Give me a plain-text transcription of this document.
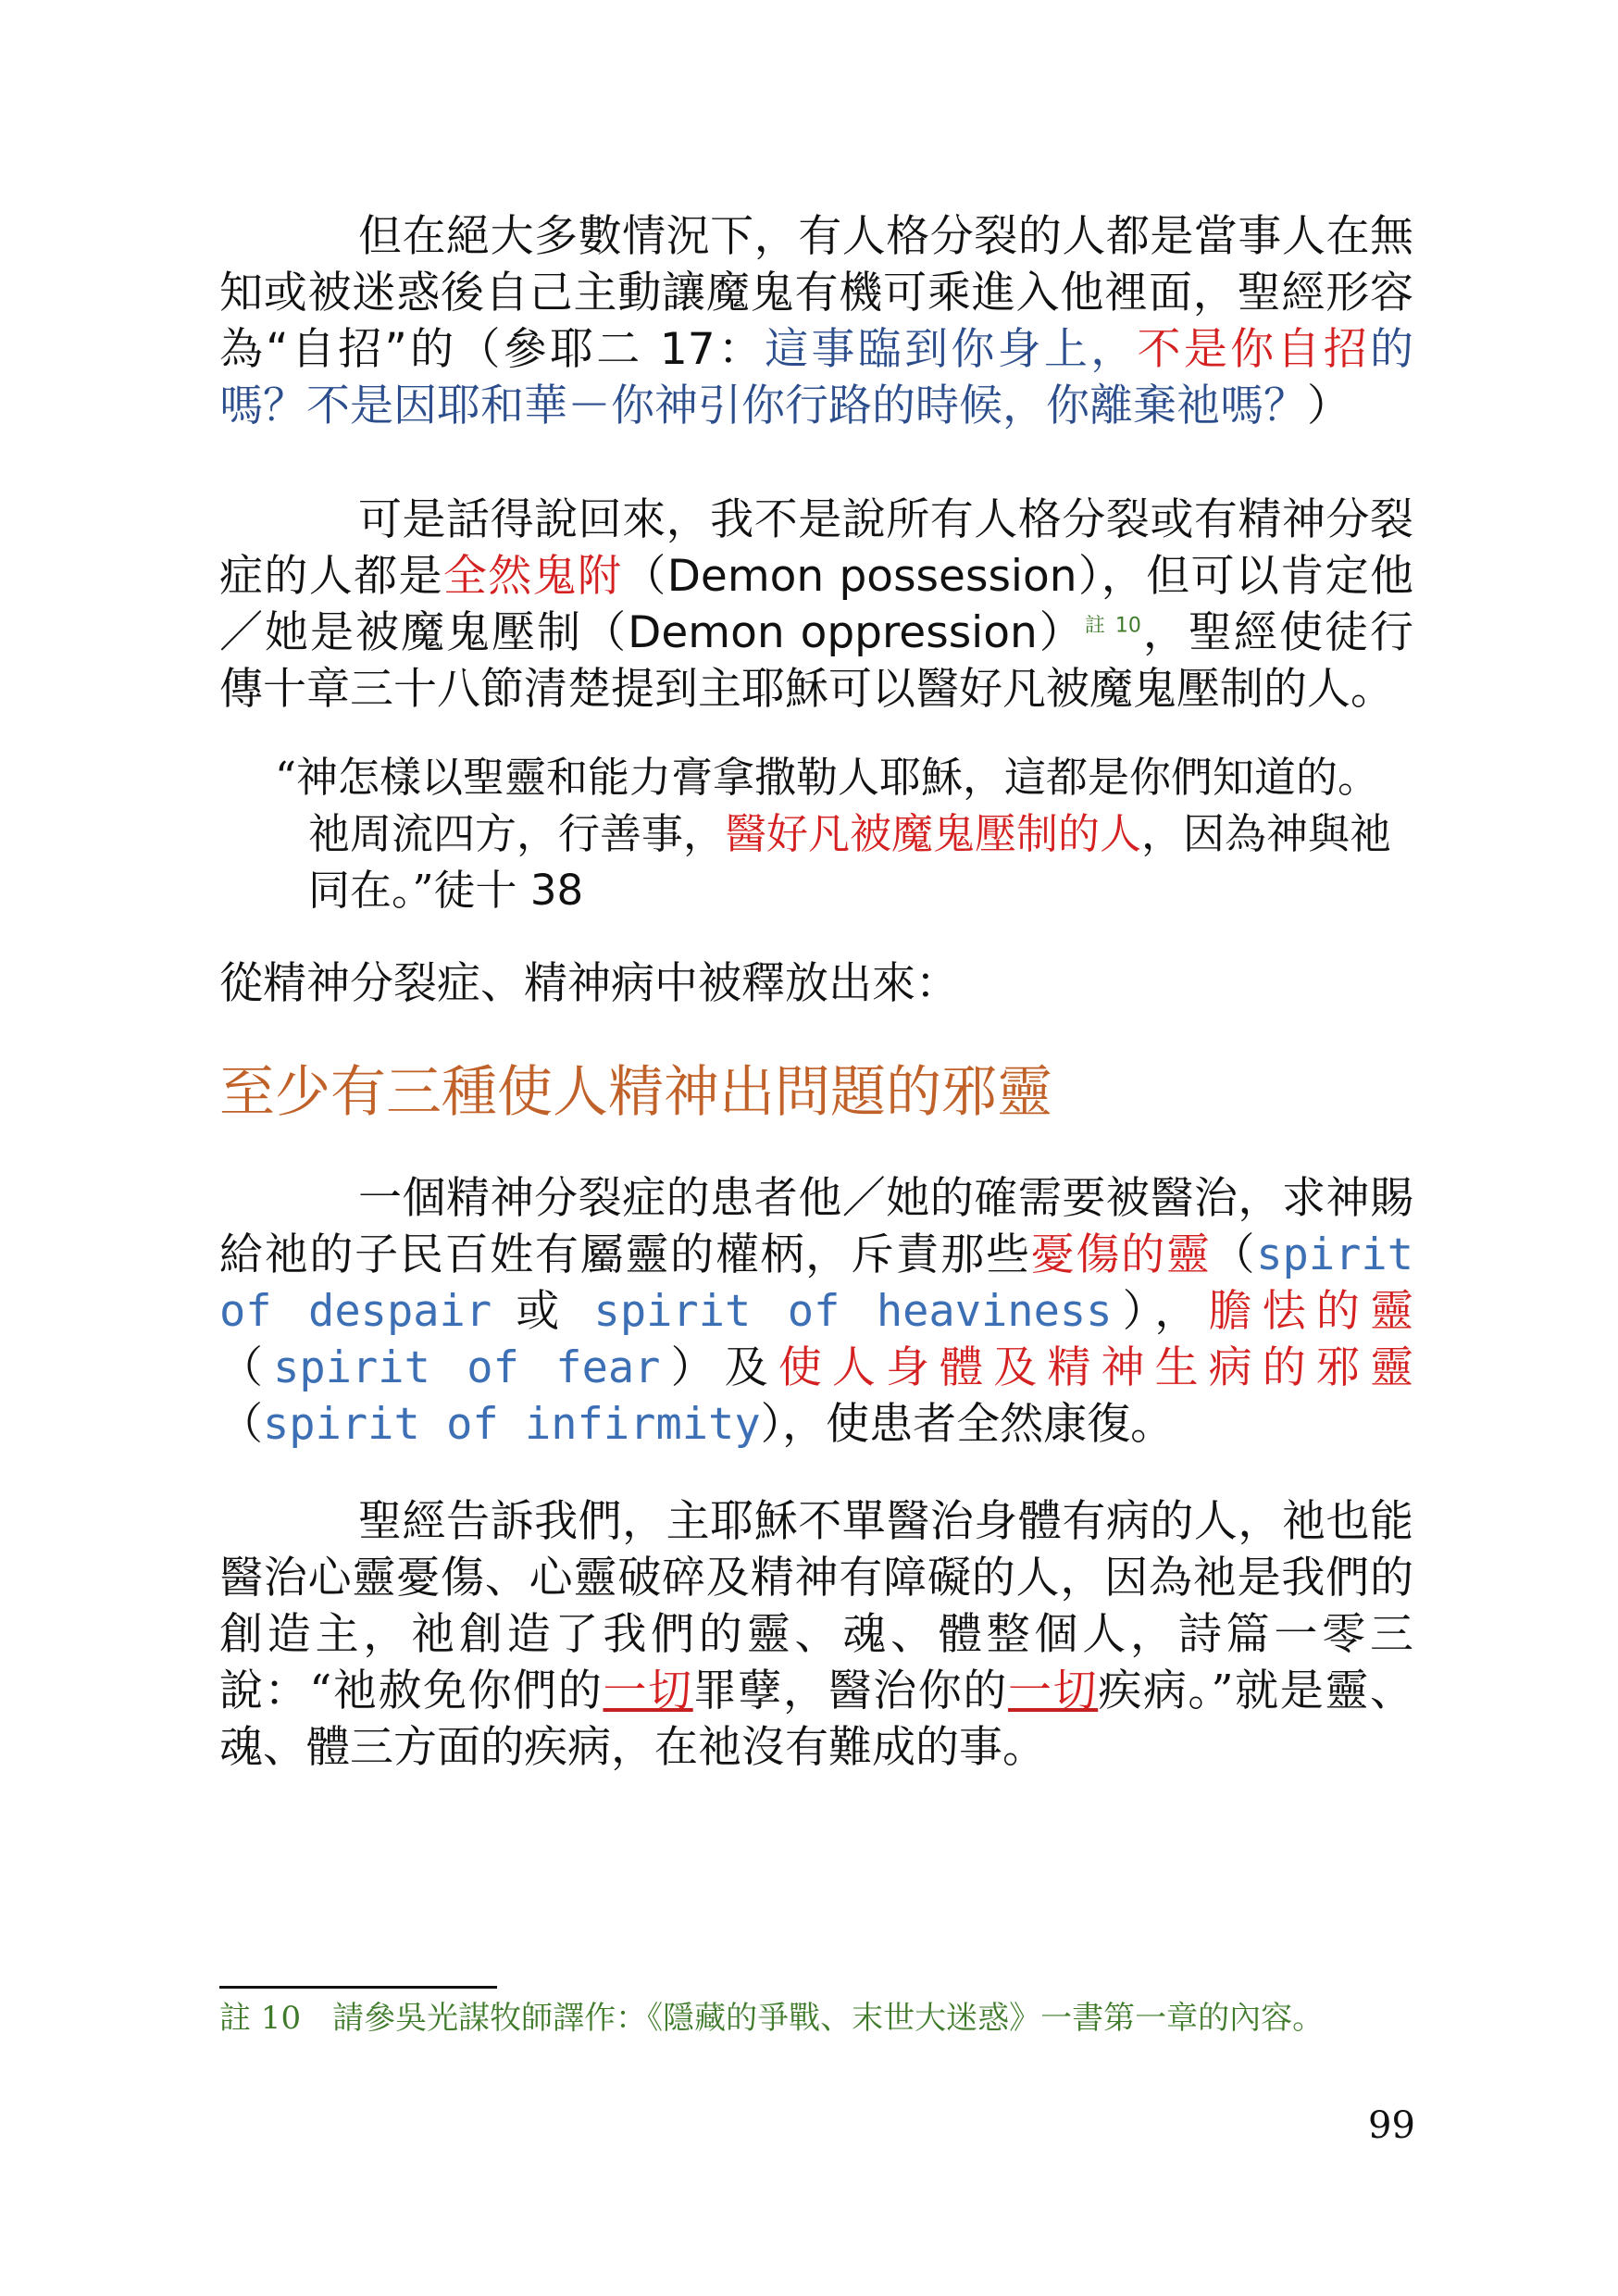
但在絕大多數情況下，有人格分裂的人都是當事人在無知或被迷惑後自己主動讓魔鬼有機可乘進入他裡面，聖經形容為“自招”的（參耶二 17：這事臨到你身上，不是你自招的嗎？不是因耶和華－你神引你行路的時候，你離棄祂嗎？）

可是話得說回來，我不是說所有人格分裂或有精神分裂症的人都是全然鬼附（Demon possession），但可以肯定他／她是被魔鬼壓制（Demon oppression）$^{註 10}$，聖經使徒行傳十章三十八節清楚提到主耶穌可以醫好凡被魔鬼壓制的人。

“神怎樣以聖靈和能力膏拿撒勒人耶穌，這都是你們知道的。祂周流四方，行善事，醫好凡被魔鬼壓制的人，因為神與祂同在。”徒十 38

從精神分裂症、精神病中被釋放出來：

至少有三種使人精神出問題的邪靈

一個精神分裂症的患者他／她的確需要被醫治，求神賜給祂的子民百姓有屬靈的權柄，斥責那些憂傷的靈（spirit of despair 或 spirit of heaviness），膽怯的靈（spirit of fear）及使人身體及精神生病的邪靈（spirit of infirmity），使患者全然康復。

聖經告訴我們，主耶穌不單醫治身體有病的人，祂也能醫治心靈憂傷、心靈破碎及精神有障礙的人，因為祂是我們的創造主，祂創造了我們的靈、魂、體整個人，詩篇一零三說：“祂赦免你們的一切罪孽，醫治你的一切疾病。”就是靈、魂、體三方面的疾病，在祂沒有難成的事。

註 10　請參吳光謀牧師譯作：《隱藏的爭戰、末世大迷惑》一書第一章的內容。
99
